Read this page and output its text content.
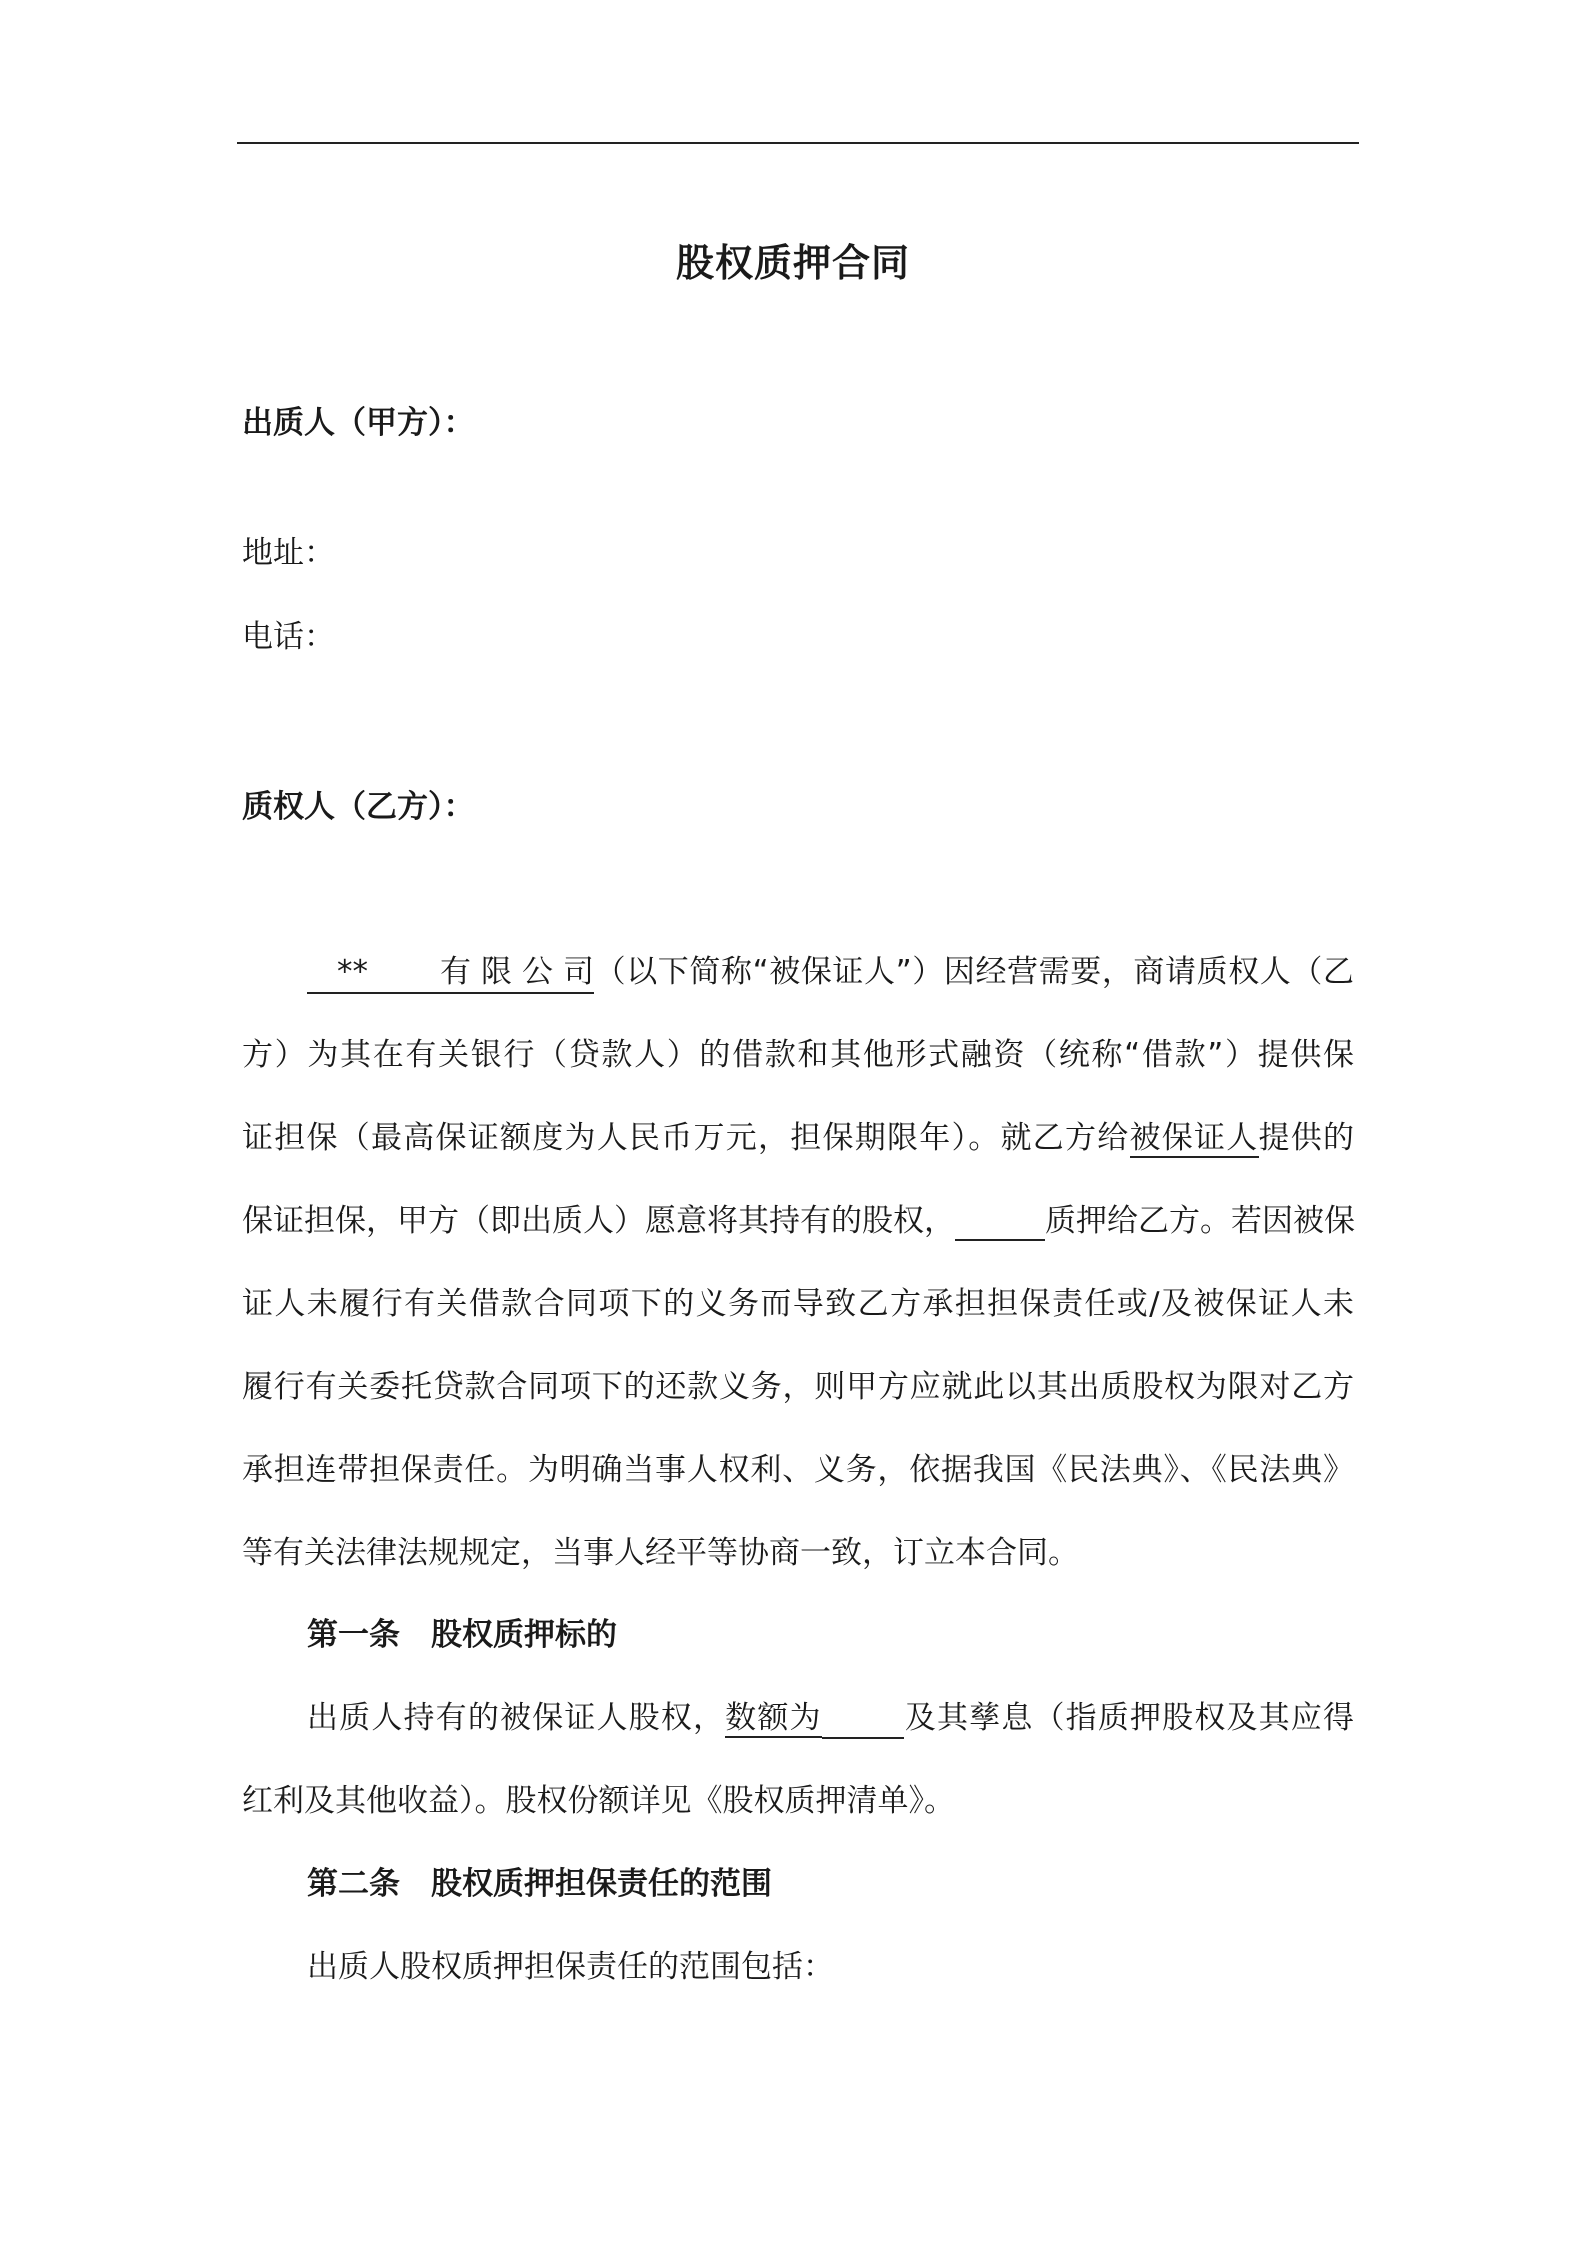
股权质押合同
出质人（甲方）：
地址：
电话：
质权人（乙方）：
** 有限公司（以下简称“被保证人”）因经营需要，商请质权人（乙
方）为其在有关银行（贷款人）的借款和其他形式融资（统称“借款”）提供保
证担保（最高保证额度为人民币万元，担保期限年）。就乙方给被保证人提供的
保证担保，甲方（即出质人）愿意将其持有的股权，	质押给乙方。若因被保
证人未履行有关借款合同项下的义务而导致乙方承担担保责任或/及被保证人未
履行有关委托贷款合同项下的还款义务，则甲方应就此以其出质股权为限对乙方
承担连带担保责任。为明确当事人权利、义务，依据我国《民法典》、《民法典》
等有关法律法规规定，当事人经平等协商一致，订立本合同。
第一条　股权质押标的
出质人持有的被保证人股权，数额为	及其孳息（指质押股权及其应得
红利及其他收益）。股权份额详见《股权质押清单》。
第二条　股权质押担保责任的范围
出质人股权质押担保责任的范围包括：
